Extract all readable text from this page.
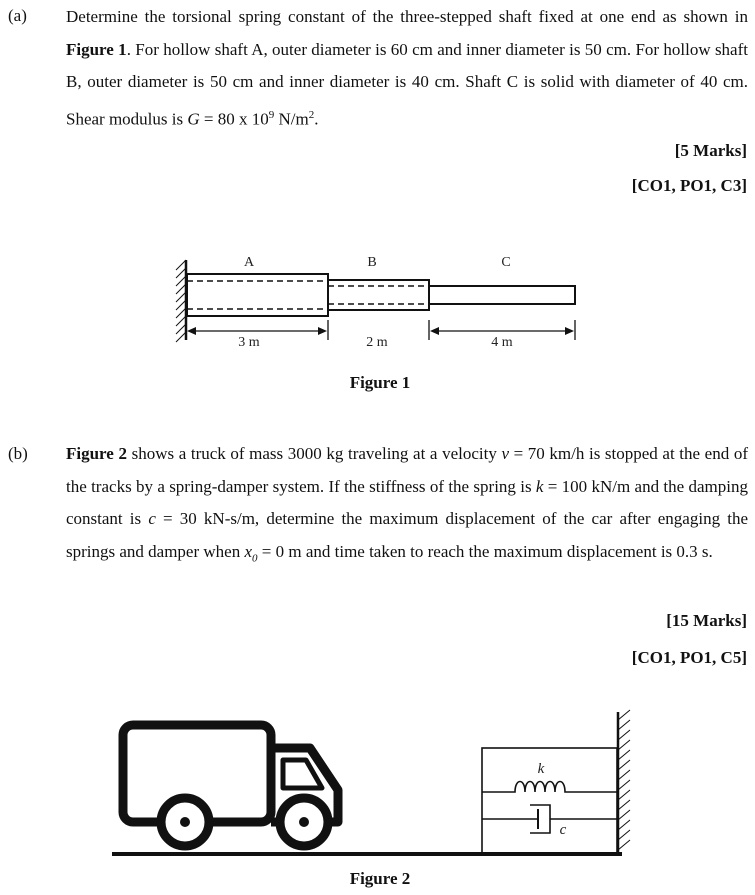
(a) Determine the torsional spring constant of the three-stepped shaft fixed at one end as shown in Figure 1. For hollow shaft A, outer diameter is 60 cm and inner diameter is 50 cm. For hollow shaft B, outer diameter is 50 cm and inner diameter is 40 cm. Shaft C is solid with diameter of 40 cm. Shear modulus is G = 80 x $10^9$ $N/m^2$.
[5 Marks]
[CO1, PO1, C3]
A	B	C
3 m	2 m	4 m
Figure 1
(b) Figure 2 shows a truck of mass 3000 kg traveling at a velocity v = 70 km/h is stopped at the end of the tracks by a spring-damper system. If the stiffness of the spring is k = 100 kN/m and the damping constant is c = 30 kN-s/m, determine the maximum displacement of the car after engaging the springs and damper when $x_0 = 0$ m and time taken to reach the maximum displacement is 0.3 s.
[15 Marks]
[CO1, PO1, C5]
k
c
Figure 2
